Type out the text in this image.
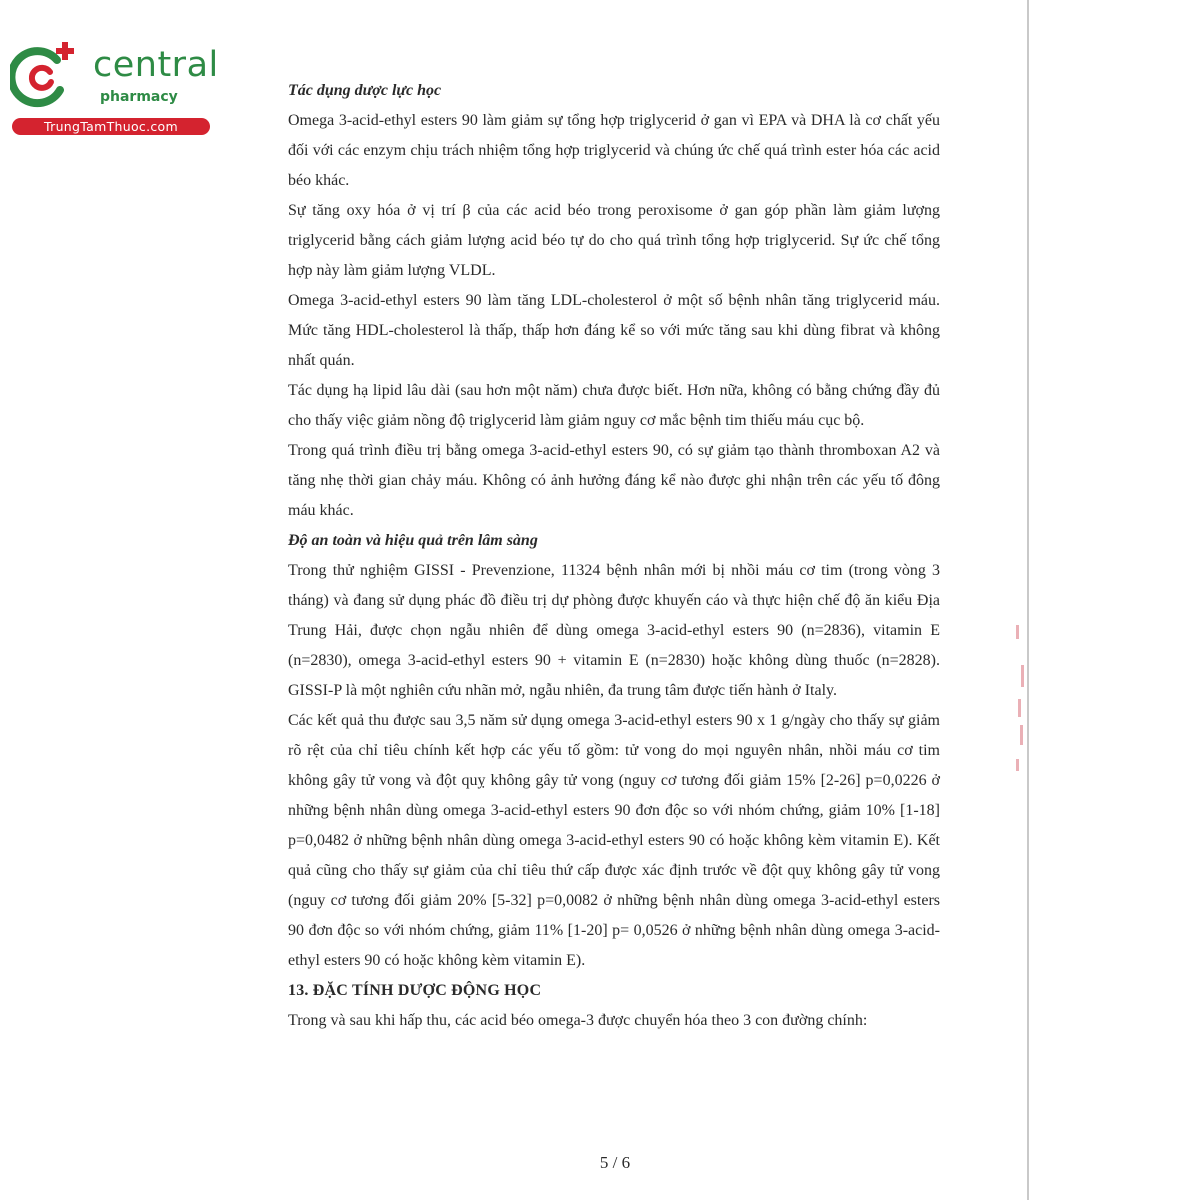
central

pharmacy

TrungTamThuoc.com
Tác dụng dược lực học

Omega 3-acid-ethyl esters 90 làm giảm sự tổng hợp triglycerid ở gan vì EPA và DHA là cơ chất yếu đối với các enzym chịu trách nhiệm tổng hợp triglycerid và chúng ức chế quá trình ester hóa các acid béo khác.

Sự tăng oxy hóa ở vị trí β của các acid béo trong peroxisome ở gan góp phần làm giảm lượng triglycerid bằng cách giảm lượng acid béo tự do cho quá trình tổng hợp triglycerid. Sự ức chế tổng hợp này làm giảm lượng VLDL.

Omega 3-acid-ethyl esters 90 làm tăng LDL-cholesterol ở một số bệnh nhân tăng triglycerid máu. Mức tăng HDL-cholesterol là thấp, thấp hơn đáng kể so với mức tăng sau khi dùng fibrat và không nhất quán.

Tác dụng hạ lipid lâu dài (sau hơn một năm) chưa được biết. Hơn nữa, không có bằng chứng đầy đủ cho thấy việc giảm nồng độ triglycerid làm giảm nguy cơ mắc bệnh tim thiếu máu cục bộ.

Trong quá trình điều trị bằng omega 3-acid-ethyl esters 90, có sự giảm tạo thành thromboxan A2 và tăng nhẹ thời gian chảy máu. Không có ảnh hưởng đáng kể nào được ghi nhận trên các yếu tố đông máu khác.

Độ an toàn và hiệu quả trên lâm sàng

Trong thử nghiệm GISSI - Prevenzione, 11324 bệnh nhân mới bị nhồi máu cơ tim (trong vòng 3 tháng) và đang sử dụng phác đồ điều trị dự phòng được khuyến cáo và thực hiện chế độ ăn kiểu Địa Trung Hải, được chọn ngẫu nhiên để dùng omega 3-acid-ethyl esters 90 (n=2836), vitamin E (n=2830), omega 3-acid-ethyl esters 90 + vitamin E (n=2830) hoặc không dùng thuốc (n=2828). GISSI-P là một nghiên cứu nhãn mở, ngẫu nhiên, đa trung tâm được tiến hành ở Italy.

Các kết quả thu được sau 3,5 năm sử dụng omega 3-acid-ethyl esters 90 x 1 g/ngày cho thấy sự giảm rõ rệt của chỉ tiêu chính kết hợp các yếu tố gồm: tử vong do mọi nguyên nhân, nhồi máu cơ tim không gây tử vong và đột quỵ không gây tử vong (nguy cơ tương đối giảm 15% [2-26] p=0,0226 ở những bệnh nhân dùng omega 3-acid-ethyl esters 90 đơn độc so với nhóm chứng, giảm 10% [1-18] p=0,0482 ở những bệnh nhân dùng omega 3-acid-ethyl esters 90 có hoặc không kèm vitamin E). Kết quả cũng cho thấy sự giảm của chỉ tiêu thứ cấp được xác định trước về đột quỵ không gây tử vong (nguy cơ tương đối giảm 20% [5-32] p=0,0082 ở những bệnh nhân dùng omega 3-acid-ethyl esters 90 đơn độc so với nhóm chứng, giảm 11% [1-20] p= 0,0526 ở những bệnh nhân dùng omega 3-acid-ethyl esters 90 có hoặc không kèm vitamin E).

13. ĐẶC TÍNH DƯỢC ĐỘNG HỌC

Trong và sau khi hấp thu, các acid béo omega-3 được chuyển hóa theo 3 con đường chính:

5 / 6
